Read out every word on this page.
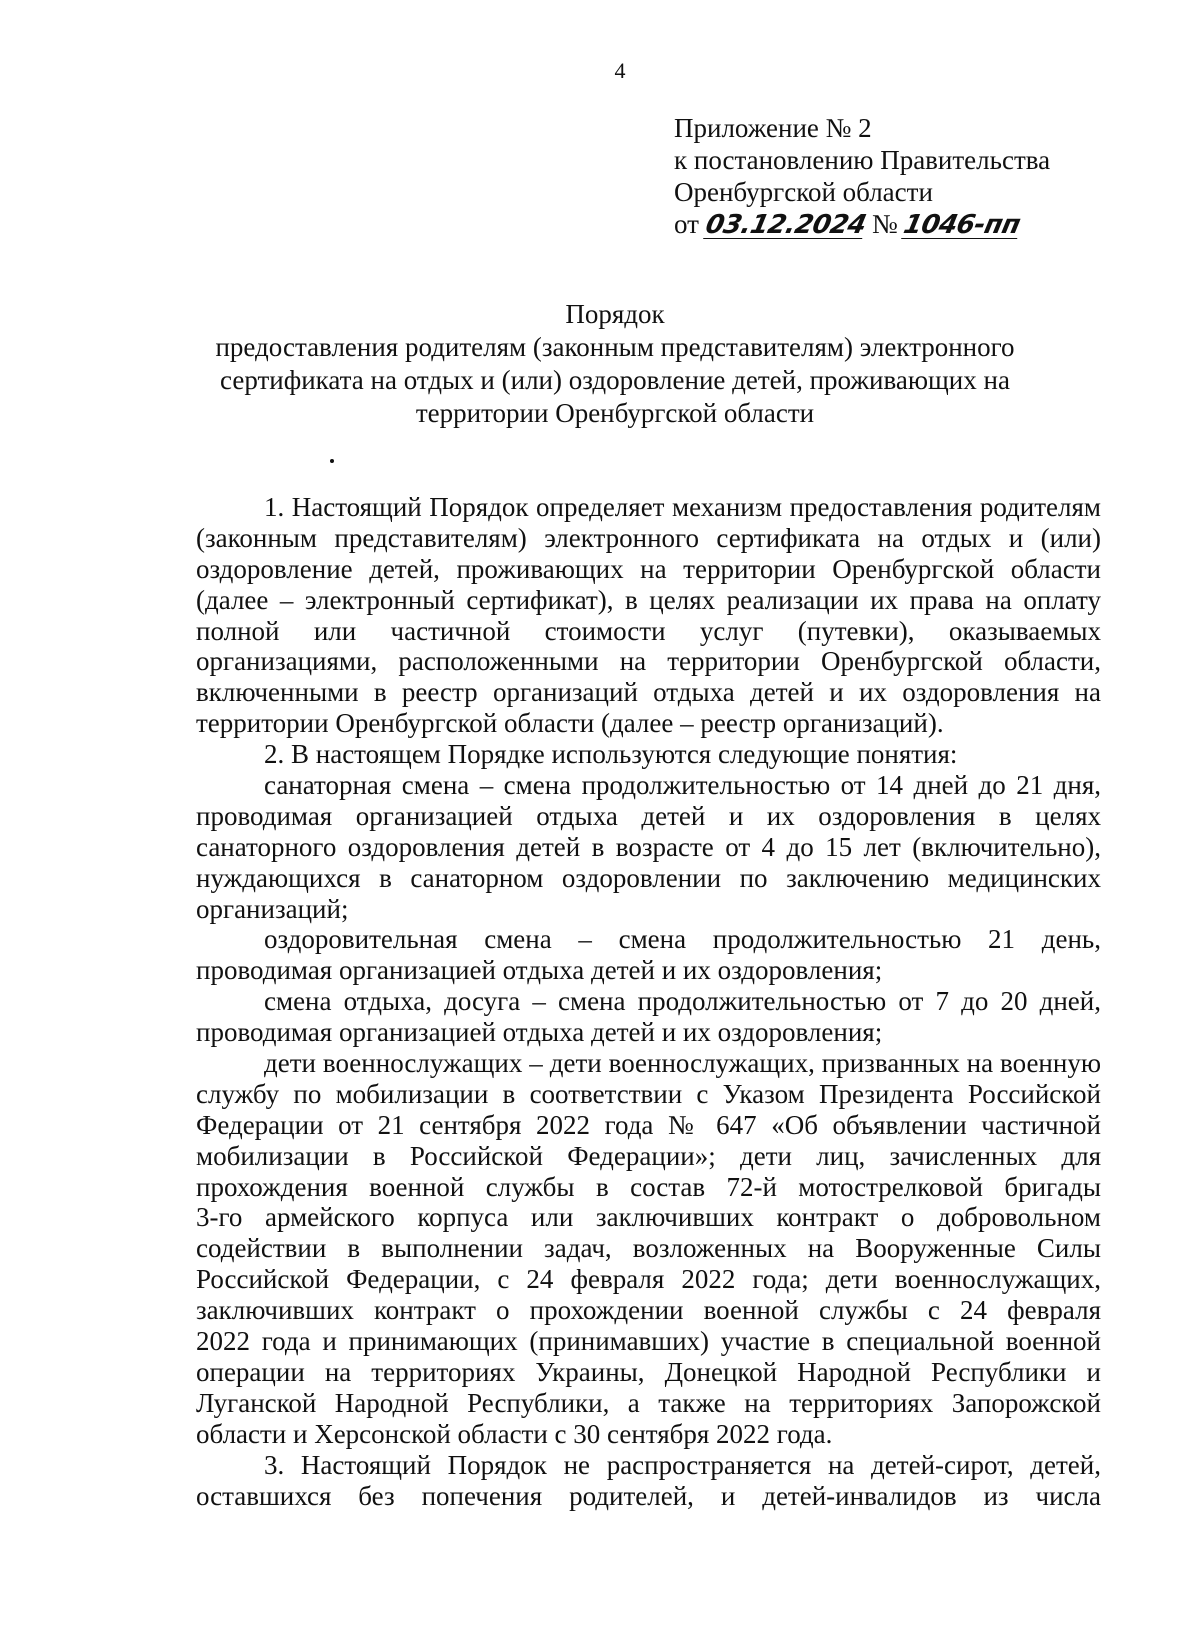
4
Приложение № 2
к постановлению Правительства
Оренбургской области
от 03.12.2024 № 1046-пп
Порядок
предоставления родителям (законным представителям) электронного
сертификата на отдых и (или) оздоровление детей, проживающих на
территории Оренбургской области
1. Настоящий Порядок определяет механизм предоставления родителям
(законным представителям) электронного сертификата на отдых и (или)
оздоровление детей, проживающих на территории Оренбургской области
(далее – электронный сертификат), в целях реализации их права на оплату
полной или частичной стоимости услуг (путевки), оказываемых
организациями, расположенными на территории Оренбургской области,
включенными в реестр организаций отдыха детей и их оздоровления на
территории Оренбургской области (далее – реестр организаций).
2. В настоящем Порядке используются следующие понятия:
санаторная смена – смена продолжительностью от 14 дней до 21 дня,
проводимая организацией отдыха детей и их оздоровления в целях
санаторного оздоровления детей в возрасте от 4 до 15 лет (включительно),
нуждающихся в санаторном оздоровлении по заключению медицинских
организаций;
оздоровительная смена – смена продолжительностью 21 день,
проводимая организацией отдыха детей и их оздоровления;
смена отдыха, досуга – смена продолжительностью от 7 до 20 дней,
проводимая организацией отдыха детей и их оздоровления;
дети военнослужащих – дети военнослужащих, призванных на военную
службу по мобилизации в соответствии с Указом Президента Российской
Федерации от 21 сентября 2022 года № 647 «Об объявлении частичной
мобилизации в Российской Федерации»; дети лиц, зачисленных для
прохождения военной службы в состав 72-й мотострелковой бригады
3-го армейского корпуса или заключивших контракт о добровольном
содействии в выполнении задач, возложенных на Вооруженные Силы
Российской Федерации, с 24 февраля 2022 года; дети военнослужащих,
заключивших контракт о прохождении военной службы с 24 февраля
2022 года и принимающих (принимавших) участие в специальной военной
операции на территориях Украины, Донецкой Народной Республики и
Луганской Народной Республики, а также на территориях Запорожской
области и Херсонской области с 30 сентября 2022 года.
3. Настоящий Порядок не распространяется на детей-сирот, детей,
оставшихся без попечения родителей, и детей-инвалидов из числа
